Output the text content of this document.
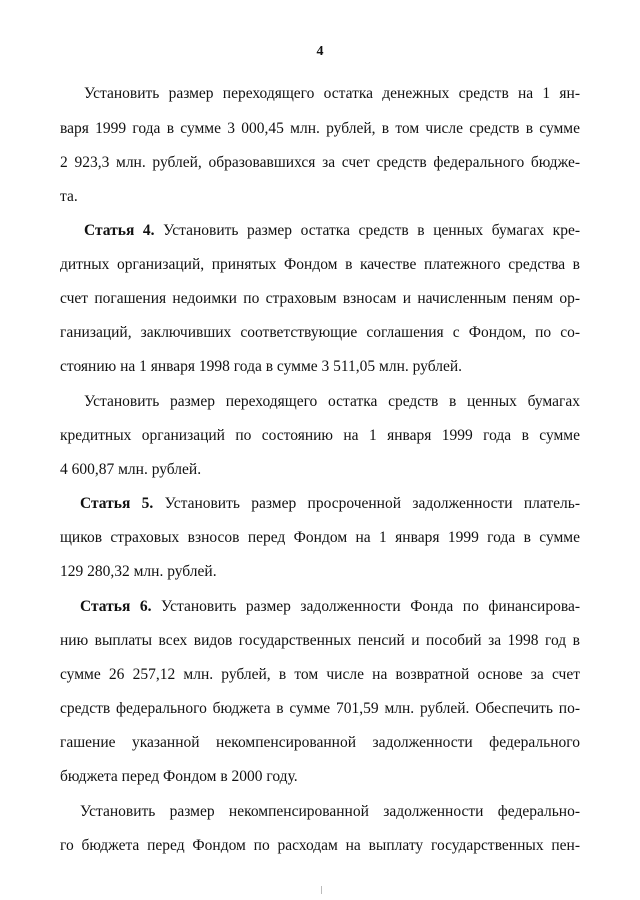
4
Установить размер переходящего остатка денежных средств на 1 ян-
варя 1999 года в сумме 3 000,45 млн. рублей, в том числе средств в сумме
2 923,3 млн. рублей, образовавшихся за счет средств федерального бюдже-
та.
Статья 4. Установить размер остатка средств в ценных бумагах кре-
дитных организаций, принятых Фондом в качестве платежного средства в
счет погашения недоимки по страховым взносам и начисленным пеням ор-
ганизаций, заключивших соответствующие соглашения с Фондом, по со-
стоянию на 1 января 1998 года в сумме 3 511,05 млн. рублей.
Установить размер переходящего остатка средств в ценных бумагах
кредитных организаций по состоянию на 1 января 1999 года в сумме
4 600,87 млн. рублей.
Статья 5. Установить размер просроченной задолженности платель-
щиков страховых взносов перед Фондом на 1 января 1999 года в сумме
129 280,32 млн. рублей.
Статья 6. Установить размер задолженности Фонда по финансирова-
нию выплаты всех видов государственных пенсий и пособий за 1998 год в
сумме 26 257,12 млн. рублей, в том числе на возвратной основе за счет
средств федерального бюджета в сумме 701,59 млн. рублей. Обеспечить по-
гашение указанной некомпенсированной задолженности федерального
бюджета перед Фондом в 2000 году.
Установить размер некомпенсированной задолженности федерально-
го бюджета перед Фондом по расходам на выплату государственных пен-
